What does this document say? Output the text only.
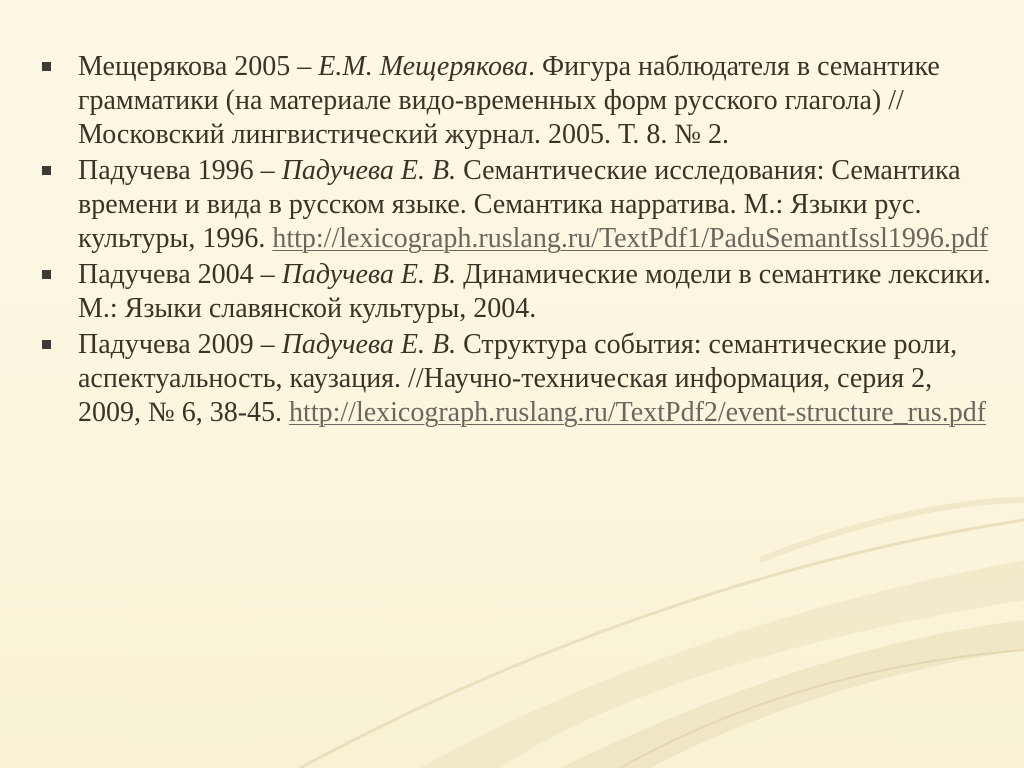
Мещерякова 2005 – Е.М. Мещерякова. Фигура наблюдателя в семантике грамматики (на материале видо-временных форм русского глагола) // Московский лингвистический журнал. 2005. Т. 8. № 2.
Падучева 1996 – Падучева Е. В. Семантические исследования: Семантика времени и вида в русском языке. Семантика нарратива. М.: Языки рус. культуры, 1996. http://lexicograph.ruslang.ru/TextPdf1/PaduSemantIssl1996.pdf
Падучева 2004 – Падучева Е. В. Динамические модели в семантике лексики. М.: Языки славянской культуры, 2004.
Падучева 2009 – Падучева Е. В. Структура события: семантические роли, аспектуальность, каузация. //Научно-техническая информация, серия 2, 2009, № 6, 38-45. http://lexicograph.ruslang.ru/TextPdf2/event-structure_rus.pdf
